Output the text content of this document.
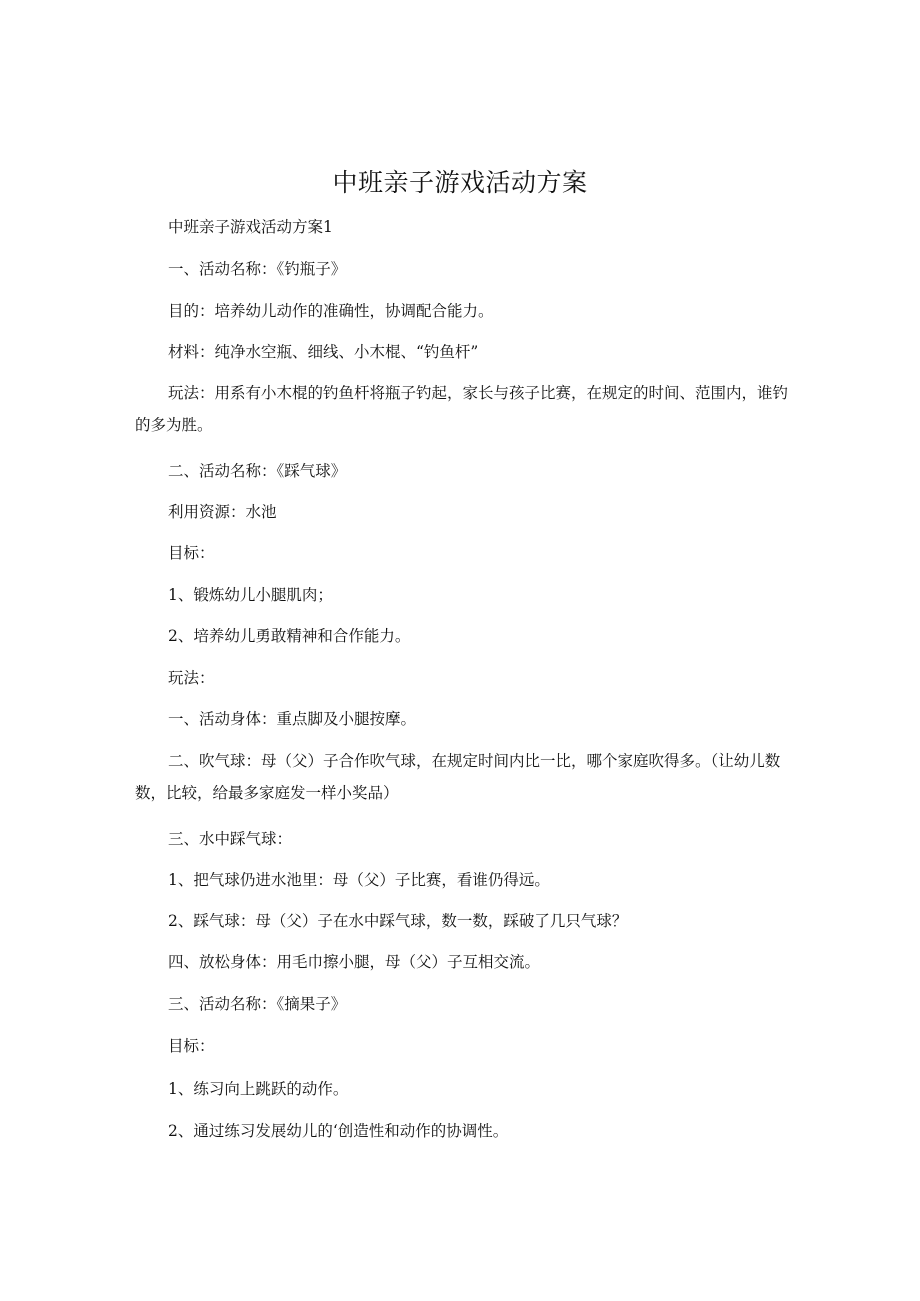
中班亲子游戏活动方案

中班亲子游戏活动方案1

一、活动名称：《钓瓶子》

目的：培养幼儿动作的准确性，协调配合能力。

材料：纯净水空瓶、细线、小木棍、“钓鱼杆”

玩法：用系有小木棍的钓鱼杆将瓶子钓起，家长与孩子比赛，在规定的时间、范围内，谁钓的多为胜。

二、活动名称：《踩气球》

利用资源：水池

目标：

1、锻炼幼儿小腿肌肉；

2、培养幼儿勇敢精神和合作能力。

玩法：

一、活动身体：重点脚及小腿按摩。

二、吹气球：母（父）子合作吹气球，在规定时间内比一比，哪个家庭吹得多。（让幼儿数数，比较，给最多家庭发一样小奖品）

三、水中踩气球：

1、把气球仍进水池里：母（父）子比赛，看谁仍得远。

2、踩气球：母（父）子在水中踩气球，数一数，踩破了几只气球？

四、放松身体：用毛巾擦小腿，母（父）子互相交流。

三、活动名称：《摘果子》

目标：

1、练习向上跳跃的动作。

2、通过练习发展幼儿的‘创造性和动作的协调性。
